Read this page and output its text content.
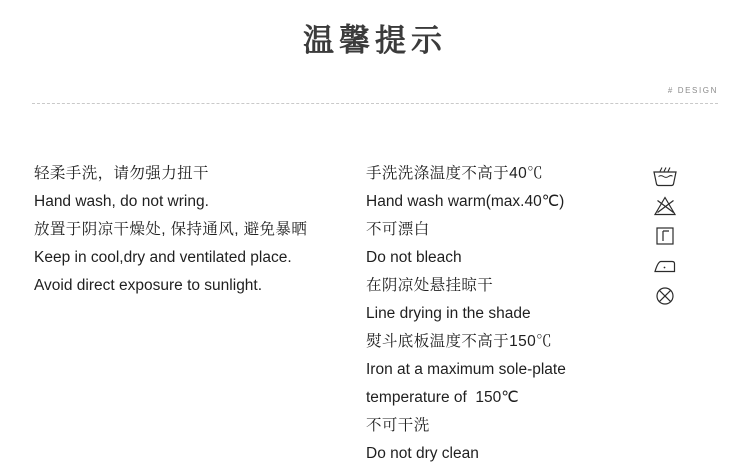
温馨提示
# DESIGN
轻柔手洗，请勿强力扭干
Hand wash, do not wring.
放置于阴凉干燥处, 保持通风, 避免暴晒
Keep in cool,dry and ventilated place.
Avoid direct exposure to sunlight.
手洗洗涤温度不高于40℃
Hand wash warm(max.40℃)
不可漂白
Do not bleach
在阴凉处悬挂晾干
Line drying in the shade
熨斗底板温度不高于150℃
Iron at a maximum sole-plate
temperature of  150℃
不可干洗
Do not dry clean
